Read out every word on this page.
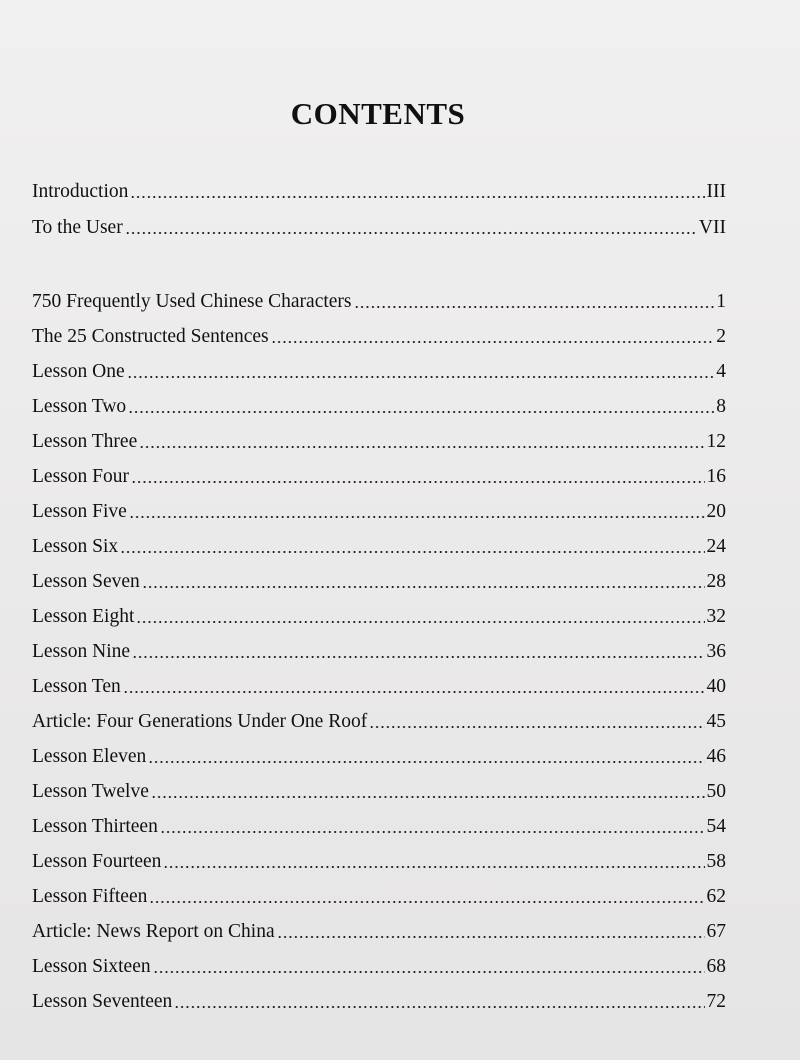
CONTENTS
Introduction	III
To the User	VII
750 Frequently Used Chinese Characters	1
The 25 Constructed Sentences	2
Lesson One	4
Lesson Two	8
Lesson Three	12
Lesson Four	16
Lesson Five	20
Lesson Six	24
Lesson Seven	28
Lesson Eight	32
Lesson Nine	36
Lesson Ten	40
Article: Four Generations Under One Roof	45
Lesson Eleven	46
Lesson Twelve	50
Lesson Thirteen	54
Lesson Fourteen	58
Lesson Fifteen	62
Article: News Report on China	67
Lesson Sixteen	68
Lesson Seventeen	72
